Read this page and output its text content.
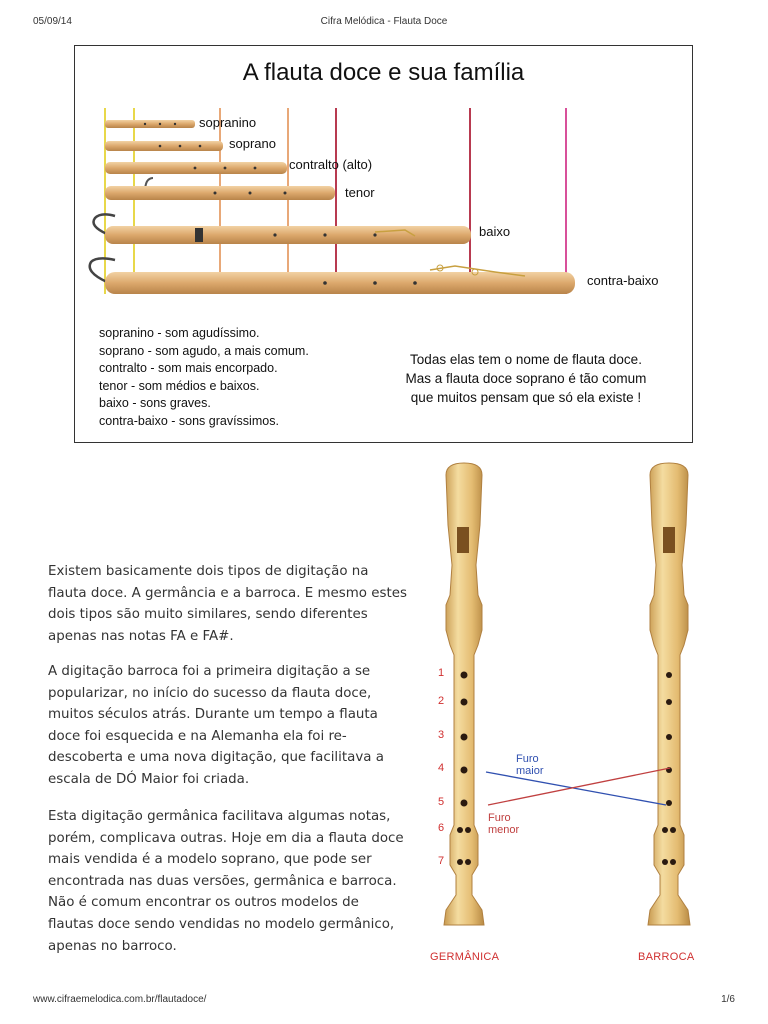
05/09/14	Cifra Melódica - Flauta Doce
A flauta doce e sua família
sopranino
soprano
contralto (alto)
tenor
baixo
contra-baixo
sopranino - som agudíssimo.
soprano - som agudo, a mais comum.
contralto - som mais encorpado.
tenor - som médios e baixos.
baixo - sons graves.
contra-baixo - sons gravíssimos.
Todas elas tem o nome de flauta doce.
Mas a flauta doce soprano é tão comum
que muitos pensam que só ela existe !
Existem basicamente dois tipos de digitação na flauta doce. A germância e a barroca. E mesmo estes dois tipos são muito similares, sendo diferentes apenas nas notas FA e FA#.
A digitação barroca foi a primeira digitação a se popularizar, no início do sucesso da flauta doce, muitos séculos atrás. Durante um tempo a flauta doce foi esquecida e na Alemanha ela foi re-descoberta e uma nova digitação, que facilitava a escala de DÓ Maior foi criada.
Esta digitação germânica facilitava algumas notas, porém, complicava outras. Hoje em dia a flauta doce mais vendida é a modelo soprano, que pode ser encontrada nas duas versões, germânica e barroca. Não é comum encontrar os outros modelos de flautas doce sendo vendidas no modelo germânico, apenas no barroco.
1
2
3
4
5
6
7
Furo maior
Furo menor
GERMÂNICA	BARROCA
www.cifraemelodica.com.br/flautadoce/	1/6
